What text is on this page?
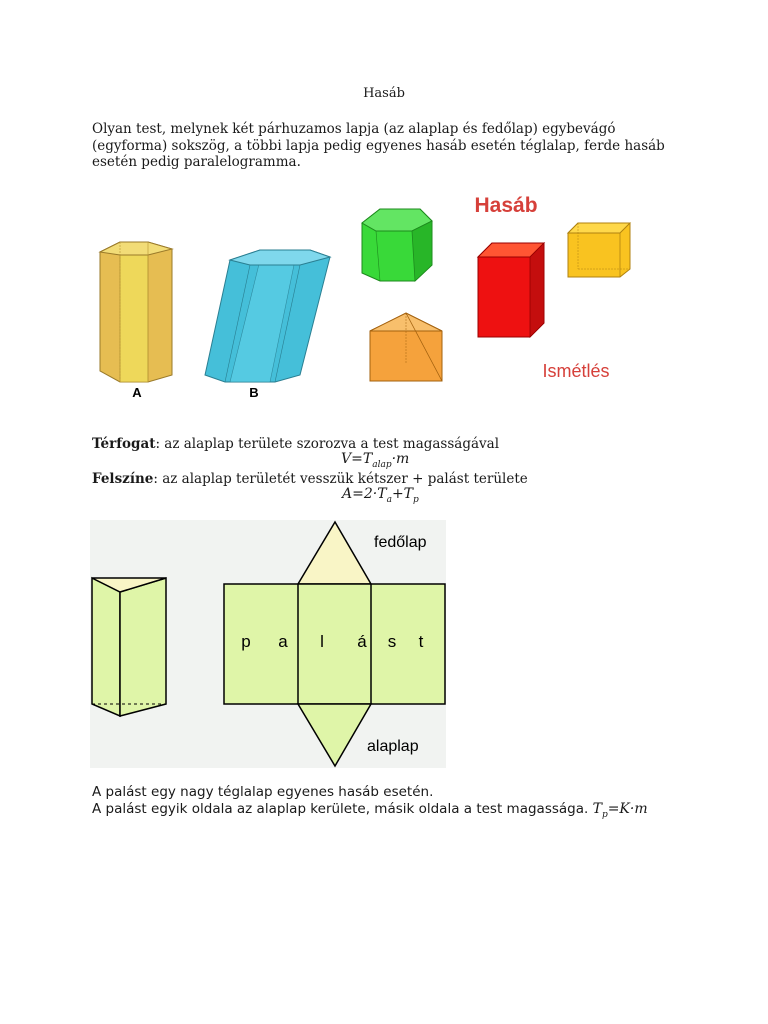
Hasáb
Olyan test, melynek két párhuzamos lapja (az alaplap és fedőlap) egybevágó (egyforma) sokszög, a többi lapja pedig egyenes hasáb esetén téglalap, ferde hasáb esetén pedig paralelogramma.
A	B
Hasáb
Ismétlés
Térfogat: az alaplap területe szorozva a test magasságával
$V=T_{alap}\cdot m$
Felszíne: az alaplap területét vesszük kétszer + palást területe
$A=2\cdot T_a+T_p$
fedőlap
alaplap
p a l á s t
A palást egy nagy téglalap egyenes hasáb esetén.
A palást egyik oldala az alaplap kerülete, másik oldala a test magassága. $T_p=K\cdot m$
